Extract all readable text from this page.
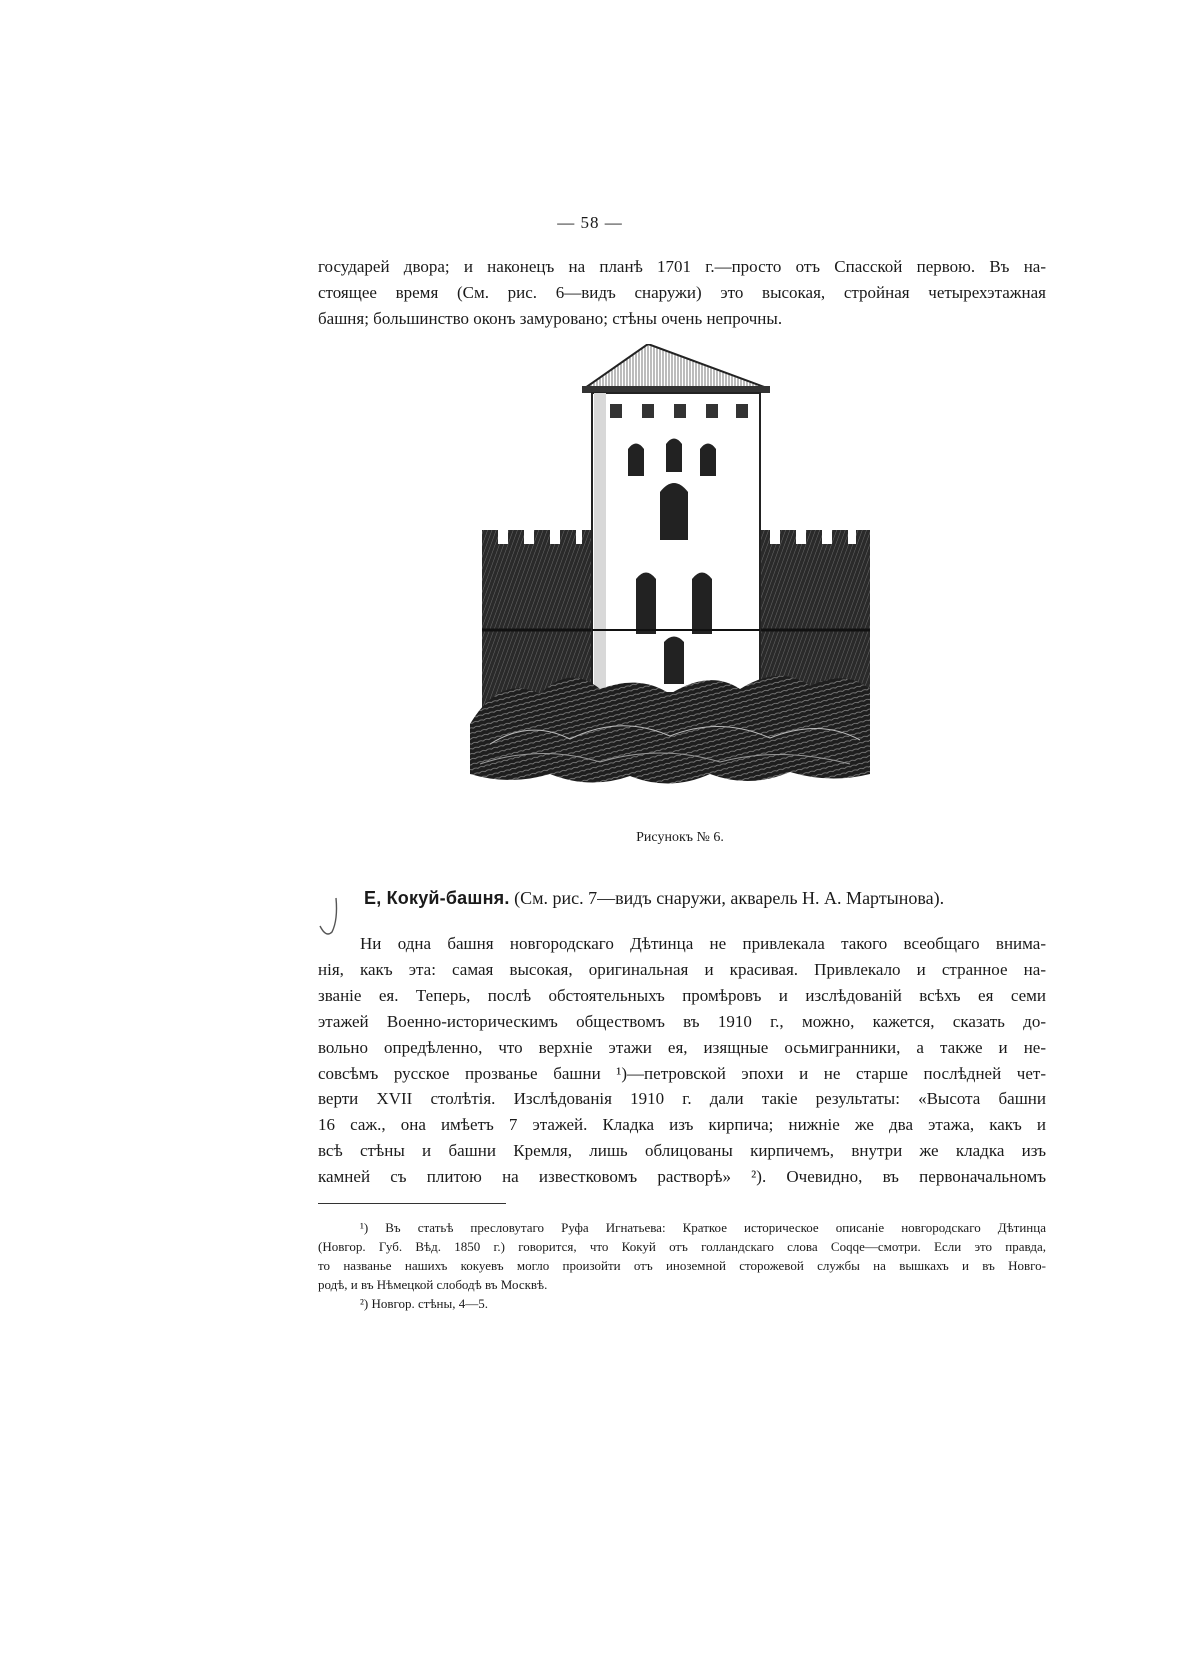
— 58 —

государей двора; и наконецъ на планѣ 1701 г.—просто отъ Спасской первою. Въ на-
стоящее время (См. рис. 6—видъ снаружи) это высокая, стройная четырехэтажная
башня; большинство оконъ замуровано; стѣны очень непрочны.

Рисунокъ № 6.
Е, Кокуй-башня. (См. рис. 7—видъ снаружи, акварель Н. А. Мартынова).

Ни одна башня новгородскаго Дѣтинца не привлекала такого всеобщаго внима-
нія, какъ эта: самая высокая, оригинальная и красивая. Привлекало и странное на-
званіе ея. Теперь, послѣ обстоятельныхъ промѣровъ и изслѣдованій всѣхъ ея семи
этажей Военно-историческимъ обществомъ въ 1910 г., можно, кажется, сказать до-
вольно опредѣленно, что верхніе этажи ея, изящные осьмигранники, а также и не-
совсѣмъ русское прозванье башни ¹)—петровской эпохи и не старше послѣдней чет-
верти XVII столѣтія. Изслѣдованія 1910 г. дали такіе результаты: «Высота башни
16 саж., она имѣетъ 7 этажей. Кладка изъ кирпича; нижніе же два этажа, какъ и
всѣ стѣны и башни Кремля, лишь облицованы кирпичемъ, внутри же кладка изъ
камней съ плитою на известковомъ растворѣ» ²). Очевидно, въ первоначальномъ

¹) Въ статьѣ пресловутаго Руфа Игнатьева: Краткое историческое описаніе новгородскаго Дѣтинца
(Новгор. Губ. Вѣд. 1850 г.) говорится, что Кокуй отъ голландскаго слова Coqqe—смотри. Если это правда,
то названье нашихъ кокуевъ могло произойти отъ иноземной сторожевой службы на вышкахъ и въ Новго-
родѣ, и въ Нѣмецкой слободѣ въ Москвѣ.
²) Новгор. стѣны, 4—5.
